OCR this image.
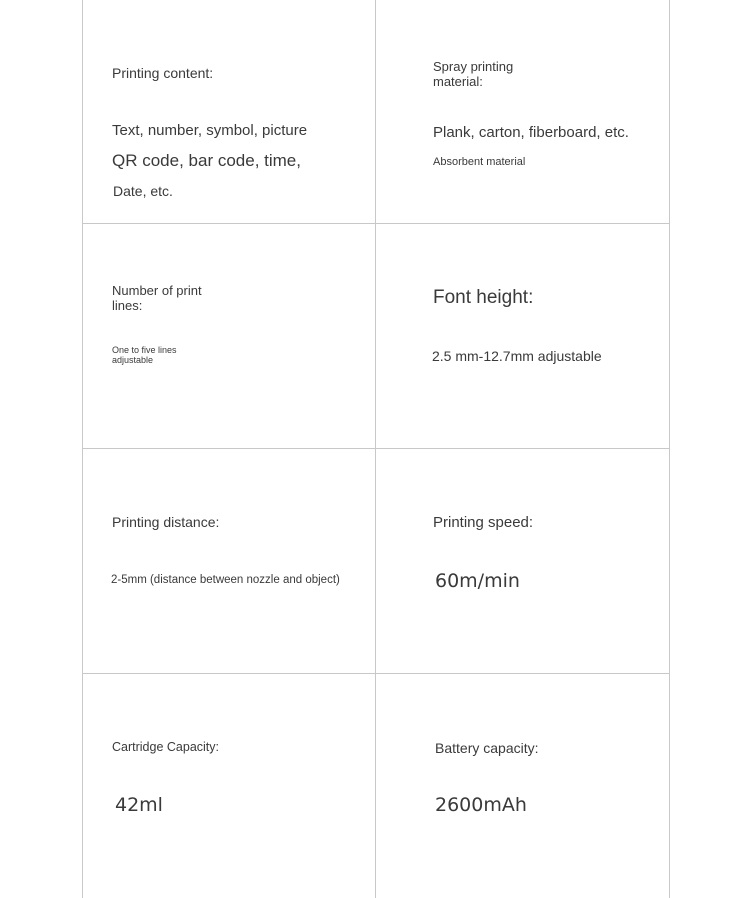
Printing content:

Text, number, symbol, picture

QR code, bar code, time,

Date, etc.

Spray printing material:

Plank, carton, fiberboard, etc.

Absorbent material

Number of print lines:

One to five lines adjustable

Font height:

2.5 mm-12.7mm adjustable

Printing distance:

2-5mm (distance between nozzle and object)

Printing speed:

60m/min

Cartridge Capacity:

42ml

Battery capacity:

2600mAh
